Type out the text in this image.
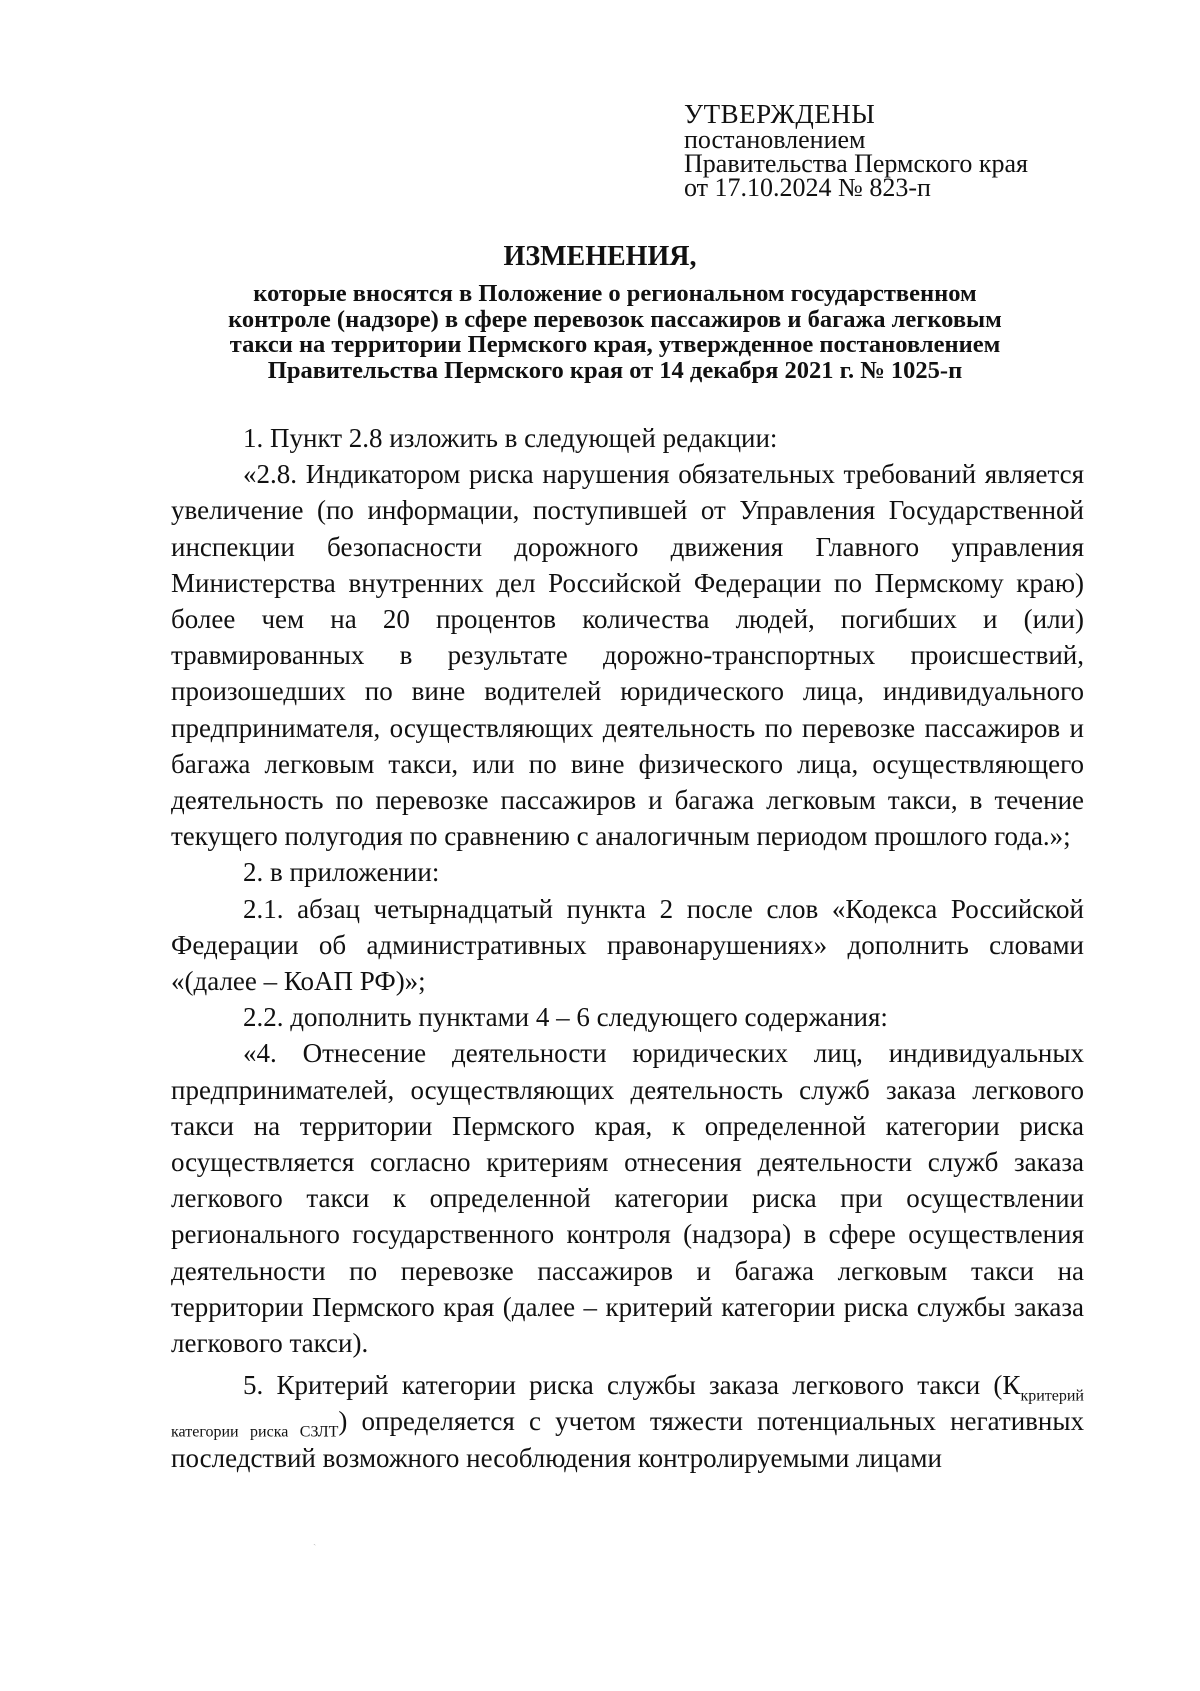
УТВЕРЖДЕНЫ
постановлением
Правительства Пермского края
от 17.10.2024 № 823-п
ИЗМЕНЕНИЯ,
которые вносятся в Положение о региональном государственном
контроле (надзоре) в сфере перевозок пассажиров и багажа легковым
такси на территории Пермского края, утвержденное постановлением
Правительства Пермского края от 14 декабря 2021 г. № 1025-п

1. Пункт 2.8 изложить в следующей редакции:

«2.8. Индикатором риска нарушения обязательных требований является увеличение (по информации, поступившей от Управления Государственной инспекции безопасности дорожного движения Главного управления Министерства внутренних дел Российской Федерации по Пермскому краю) более чем на 20 процентов количества людей, погибших и (или) травмированных в результате дорожно-транспортных происшествий, произошедших по вине водителей юридического лица, индивидуального предпринимателя, осуществляющих деятельность по перевозке пассажиров и багажа легковым такси, или по вине физического лица, осуществляющего деятельность по перевозке пассажиров и багажа легковым такси, в течение текущего полугодия по сравнению с аналогичным периодом прошлого года.»;

2. в приложении:

2.1. абзац четырнадцатый пункта 2 после слов «Кодекса Российской Федерации об административных правонарушениях» дополнить словами «(далее – КоАП РФ)»;

2.2. дополнить пунктами 4 – 6 следующего содержания:

«4. Отнесение деятельности юридических лиц, индивидуальных предпринимателей, осуществляющих деятельность служб заказа легкового такси на территории Пермского края, к определенной категории риска осуществляется согласно критериям отнесения деятельности служб заказа легкового такси к определенной категории риска при осуществлении регионального государственного контроля (надзора) в сфере осуществления деятельности по перевозке пассажиров и багажа легковым такси на территории Пермского края (далее – критерий категории риска службы заказа легкового такси).

5. Критерий категории риска службы заказа легкового такси ($К_{критерий}$ $_{категории риска СЗЛТ}$) определяется с учетом тяжести потенциальных негативных последствий возможного несоблюдения контролируемыми лицами

ˎ
